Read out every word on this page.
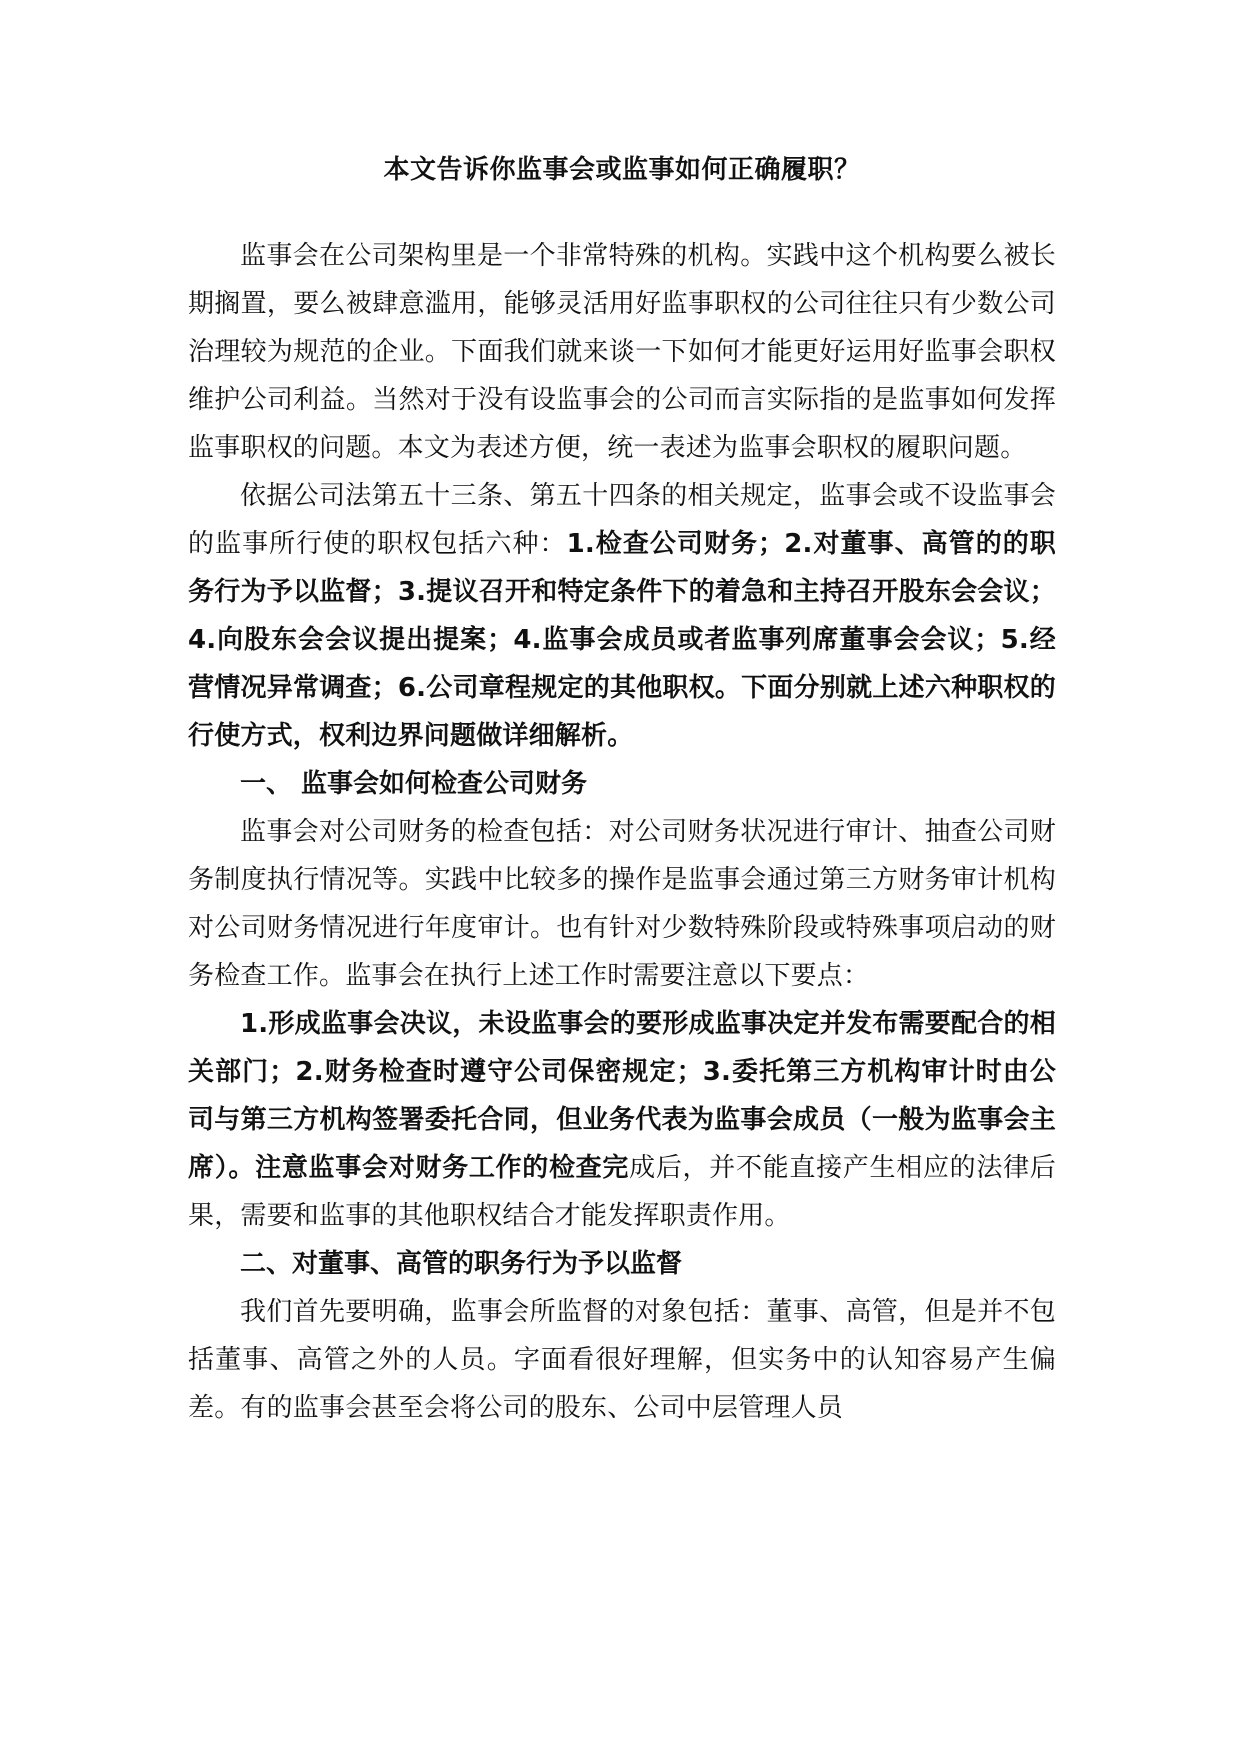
本文告诉你监事会或监事如何正确履职？

监事会在公司架构里是一个非常特殊的机构。实践中这个机构要么被长期搁置，要么被肆意滥用，能够灵活用好监事职权的公司往往只有少数公司治理较为规范的企业。下面我们就来谈一下如何才能更好运用好监事会职权维护公司利益。当然对于没有设监事会的公司而言实际指的是监事如何发挥监事职权的问题。本文为表述方便，统一表述为监事会职权的履职问题。

依据公司法第五十三条、第五十四条的相关规定，监事会或不设监事会的监事所行使的职权包括六种：1.检查公司财务；2.对董事、高管的的职务行为予以监督；3.提议召开和特定条件下的着急和主持召开股东会会议；4.向股东会会议提出提案；4.监事会成员或者监事列席董事会会议；5.经营情况异常调查；6.公司章程规定的其他职权。下面分别就上述六种职权的行使方式，权利边界问题做详细解析。

一、 监事会如何检查公司财务

监事会对公司财务的检查包括：对公司财务状况进行审计、抽查公司财务制度执行情况等。实践中比较多的操作是监事会通过第三方财务审计机构对公司财务情况进行年度审计。也有针对少数特殊阶段或特殊事项启动的财务检查工作。监事会在执行上述工作时需要注意以下要点：

1.形成监事会决议，未设监事会的要形成监事决定并发布需要配合的相关部门；2.财务检查时遵守公司保密规定；3.委托第三方机构审计时由公司与第三方机构签署委托合同，但业务代表为监事会成员（一般为监事会主席）。注意监事会对财务工作的检查完成后，并不能直接产生相应的法律后果，需要和监事的其他职权结合才能发挥职责作用。

二、对董事、高管的职务行为予以监督

我们首先要明确，监事会所监督的对象包括：董事、高管，但是并不包括董事、高管之外的人员。字面看很好理解，但实务中的认知容易产生偏差。有的监事会甚至会将公司的股东、公司中层管理人员
